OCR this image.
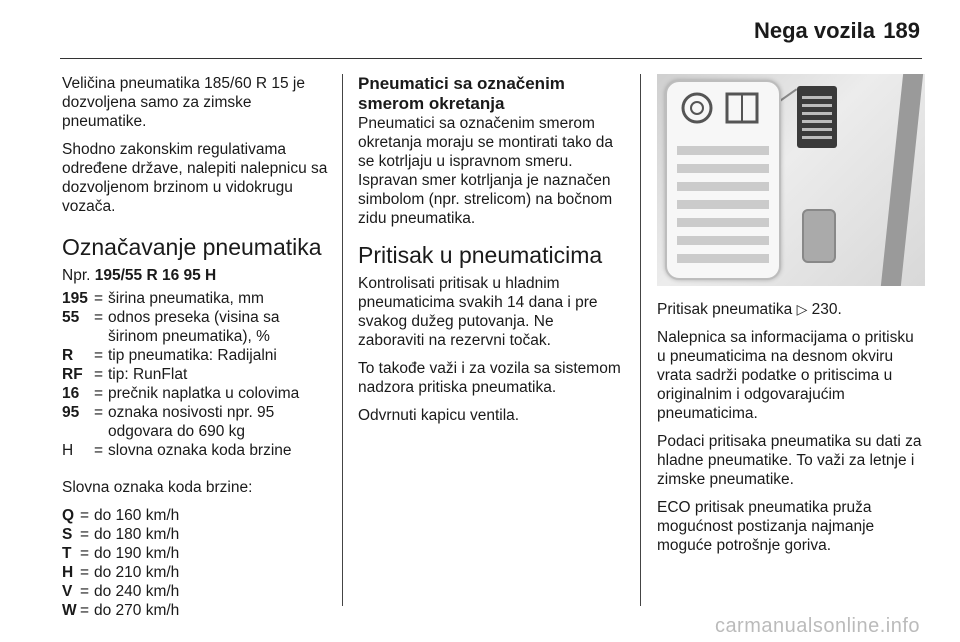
Nega vozila 189

Veličina pneumatika 185/60 R 15 je dozvoljena samo za zimske pneumatike.

Shodno zakonskim regulativama određene države, nalepiti nalepnicu sa dozvoljenom brzinom u vidokrugu vozača.

Označavanje pneumatika

Npr. 195/55 R 16 95 H

195 = širina pneumatika, mm
55 = odnos preseka (visina sa širinom pneumatika), %
R	= tip pneumatika: Radijalni
RF = tip: RunFlat
16 = prečnik naplatka u colovima
95 = oznaka nosivosti npr. 95 odgovara do 690 kg
H	= slovna oznaka koda brzine

Slovna oznaka koda brzine:

Q = do 160 km/h
S = do 180 km/h
T = do 190 km/h
H = do 210 km/h
V = do 240 km/h
W = do 270 km/h
Pneumatici sa označenim smerom okretanja

Pneumatici sa označenim smerom okretanja moraju se montirati tako da se kotrljaju u ispravnom smeru. Ispravan smer kotrljanja je naznačen simbolom (npr. strelicom) na bočnom zidu pneumatika.

Pritisak u pneumaticima

Kontrolisati pritisak u hladnim pneumaticima svakih 14 dana i pre svakog dužeg putovanja. Ne zaboraviti na rezervni točak.

To takođe važi i za vozila sa sistemom nadzora pritiska pneumatika.

Odvrnuti kapicu ventila.

Pritisak pneumatika ▷ 230.

Nalepnica sa informacijama o pritisku u pneumaticima na desnom okviru vrata sadrži podatke o pritiscima u originalnim i odgovarajućim pneumaticima.

Podaci pritisaka pneumatika su dati za hladne pneumatike. To važi za letnje i zimske pneumatike.

ECO pritisak pneumatika pruža mogućnost postizanja najmanje moguće potrošnje goriva.

carmanualsonline.info
